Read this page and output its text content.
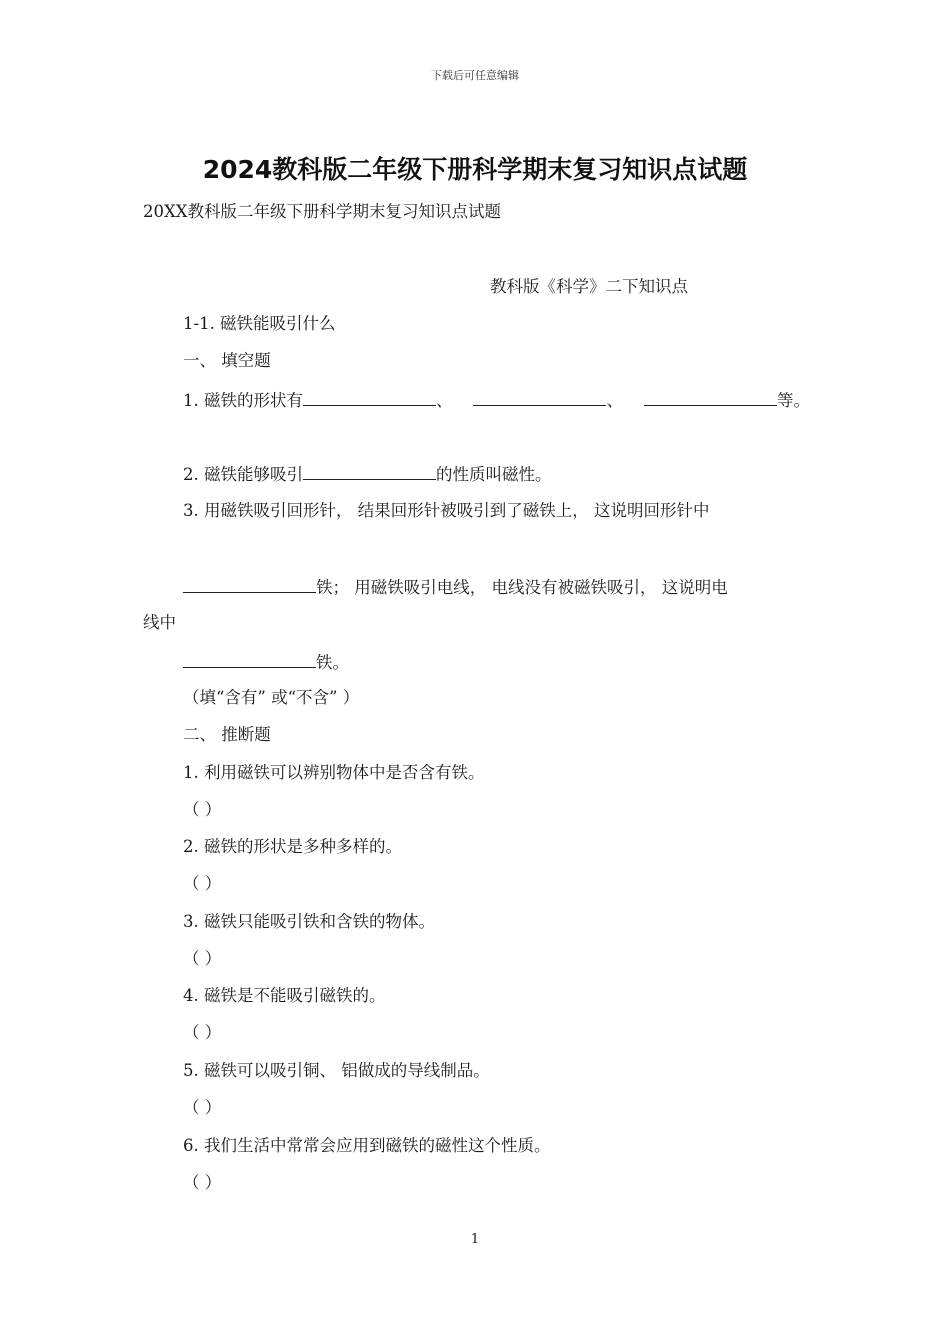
下载后可任意编辑
2024教科版二年级下册科学期末复习知识点试题
20XX教科版二年级下册科学期末复习知识点试题
教科版《科学》二下知识点
1-1. 磁铁能吸引什么
一、 填空题
1. 磁铁的形状有	、	、	等。
2. 磁铁能够吸引	的性质叫磁性。
3. 用磁铁吸引回形针， 结果回形针被吸引到了磁铁上， 这说明回形针中
铁； 用磁铁吸引电线， 电线没有被磁铁吸引， 这说明电
线中
铁。
（填“含有” 或“不含” ）
二、 推断题
1. 利用磁铁可以辨别物体中是否含有铁。
（ ）
2. 磁铁的形状是多种多样的。
（ ）
3. 磁铁只能吸引铁和含铁的物体。
（ ）
4. 磁铁是不能吸引磁铁的。
（ ）
5. 磁铁可以吸引铜、 铝做成的导线制品。
（ ）
6. 我们生活中常常会应用到磁铁的磁性这个性质。
（ ）
1
